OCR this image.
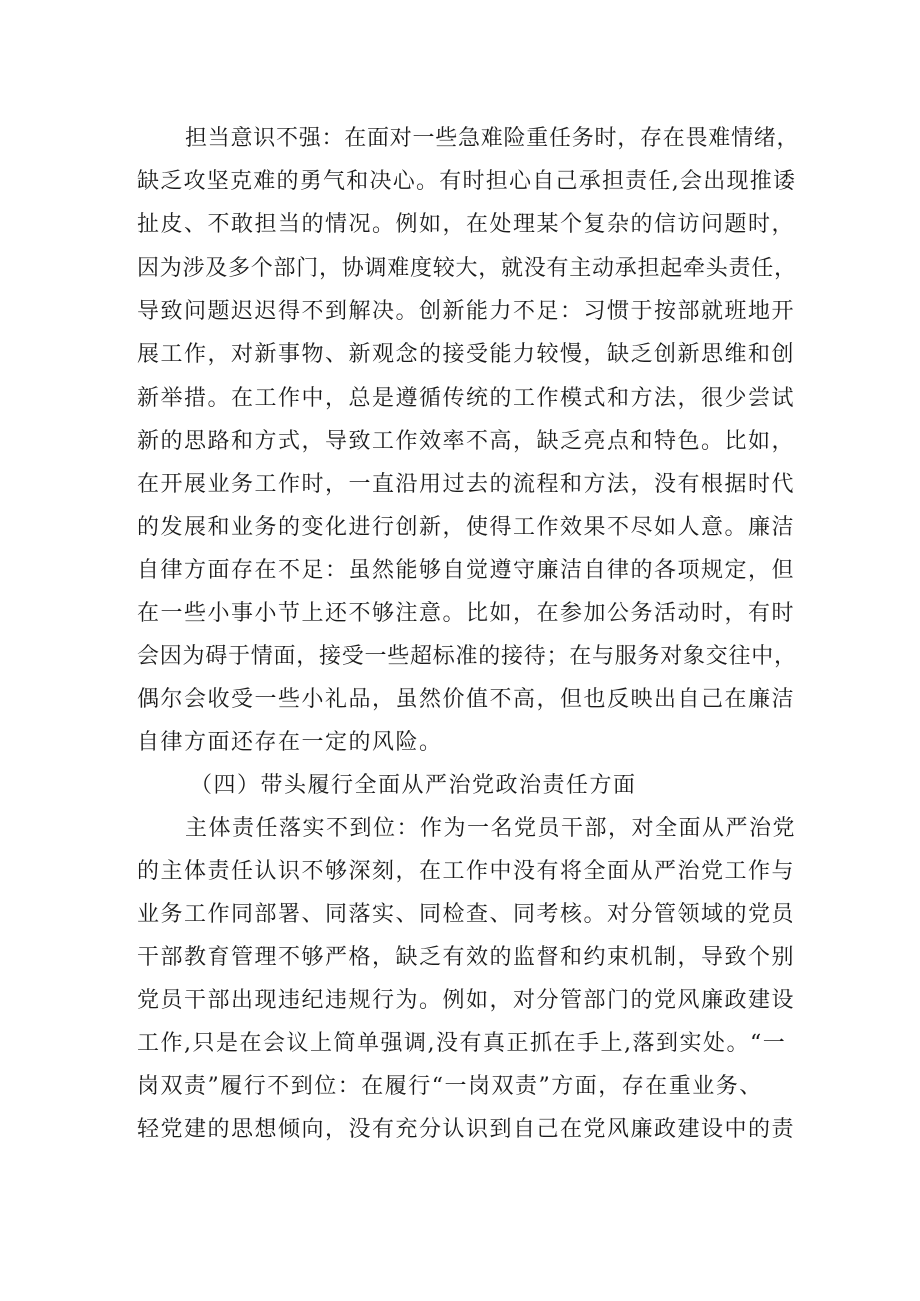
担当意识不强：在面对一些急难险重任务时，存在畏难情绪，

缺乏攻坚克难的勇气和决心。有时担心自己承担责任,会出现推诿

扯皮、不敢担当的情况。例如，在处理某个复杂的信访问题时，

因为涉及多个部门，协调难度较大，就没有主动承担起牵头责任，

导致问题迟迟得不到解决。创新能力不足：习惯于按部就班地开

展工作，对新事物、新观念的接受能力较慢，缺乏创新思维和创

新举措。在工作中，总是遵循传统的工作模式和方法，很少尝试

新的思路和方式，导致工作效率不高，缺乏亮点和特色。比如，

在开展业务工作时，一直沿用过去的流程和方法，没有根据时代

的发展和业务的变化进行创新，使得工作效果不尽如人意。廉洁

自律方面存在不足：虽然能够自觉遵守廉洁自律的各项规定，但

在一些小事小节上还不够注意。比如，在参加公务活动时，有时

会因为碍于情面，接受一些超标准的接待；在与服务对象交往中，

偶尔会收受一些小礼品，虽然价值不高，但也反映出自己在廉洁

自律方面还存在一定的风险。

（四）带头履行全面从严治党政治责任方面

主体责任落实不到位：作为一名党员干部，对全面从严治党

的主体责任认识不够深刻，在工作中没有将全面从严治党工作与

业务工作同部署、同落实、同检查、同考核。对分管领域的党员

干部教育管理不够严格，缺乏有效的监督和约束机制，导致个别

党员干部出现违纪违规行为。例如，对分管部门的党风廉政建设

工作,只是在会议上简单强调,没有真正抓在手上,落到实处。“一

岗双责”履行不到位：在履行“一岗双责”方面，存在重业务、

轻党建的思想倾向，没有充分认识到自己在党风廉政建设中的责
